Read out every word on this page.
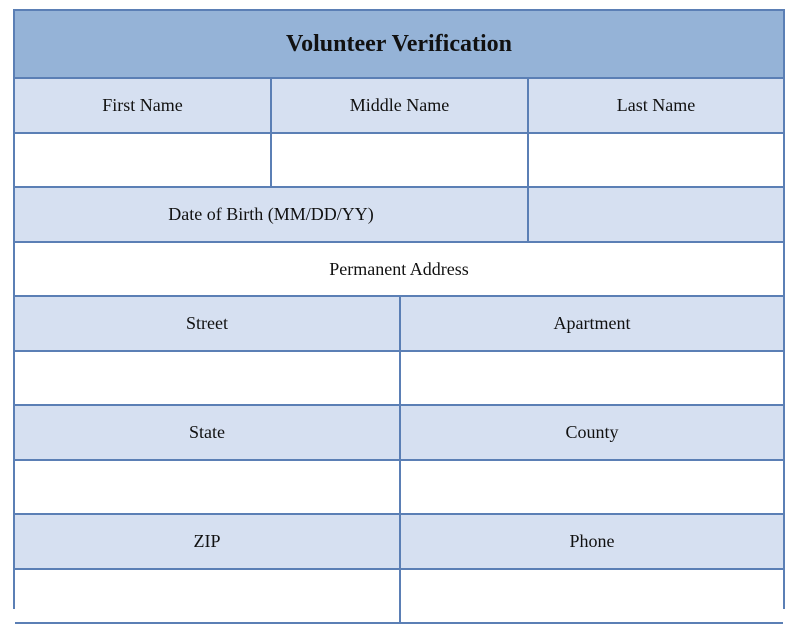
Volunteer Verification
First Name	Middle Name	Last Name
Date of Birth (MM/DD/YY)
Permanent Address
Street	Apartment
State	County
ZIP	Phone
